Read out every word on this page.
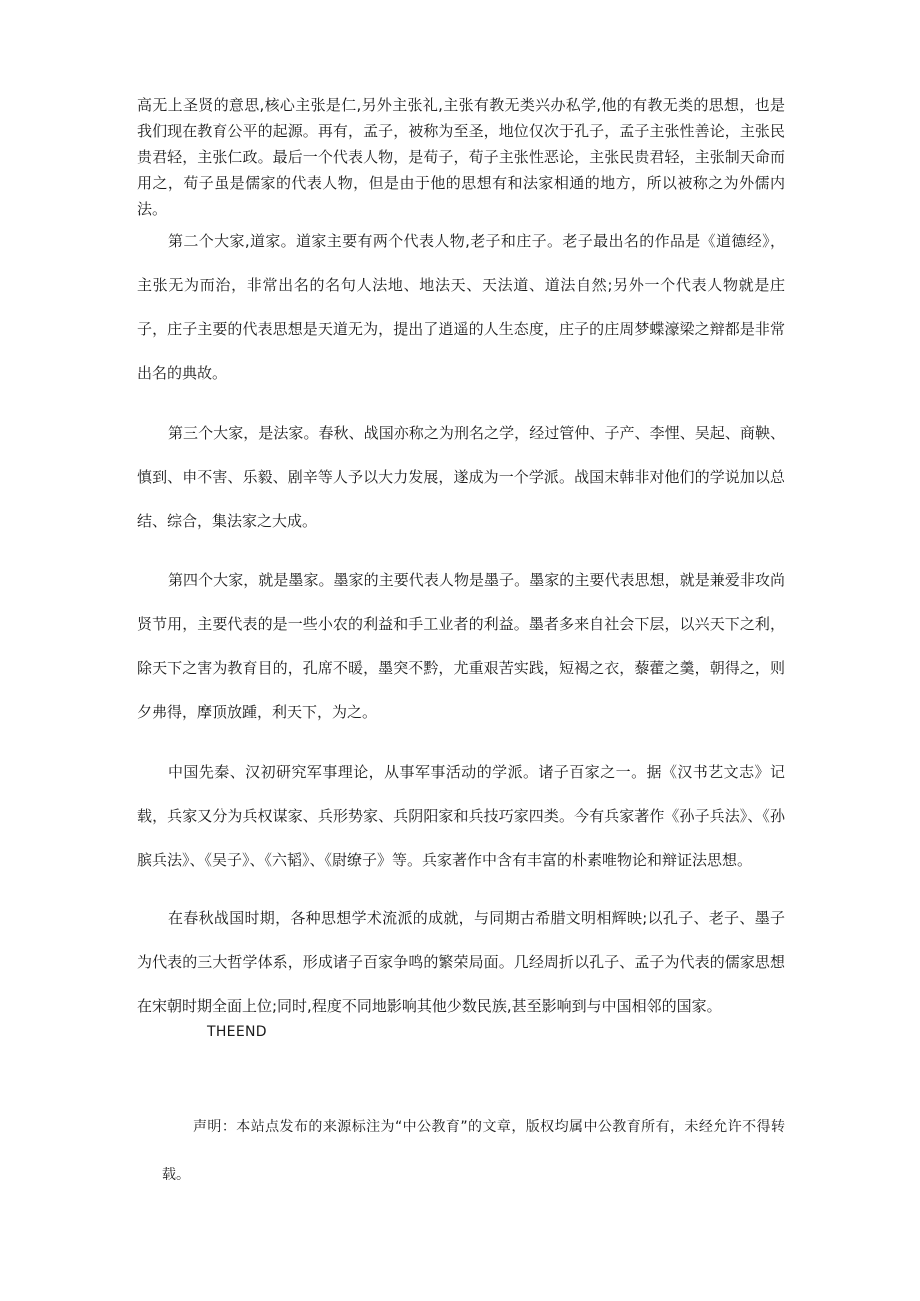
高无上圣贤的意思,核心主张是仁,另外主张礼,主张有教无类兴办私学,他的有教无类的思想，也是我们现在教育公平的起源。再有，孟子，被称为至圣，地位仅次于孔子，孟子主张性善论，主张民贵君轻，主张仁政。最后一个代表人物，是荀子，荀子主张性恶论，主张民贵君轻，主张制天命而用之，荀子虽是儒家的代表人物，但是由于他的思想有和法家相通的地方，所以被称之为外儒内法。

第二个大家,道家。道家主要有两个代表人物,老子和庄子。老子最出名的作品是《道德经》，主张无为而治，非常出名的名句人法地、地法天、天法道、道法自然;另外一个代表人物就是庄子，庄子主要的代表思想是天道无为，提出了逍遥的人生态度，庄子的庄周梦蝶濠梁之辩都是非常出名的典故。

第三个大家，是法家。春秋、战国亦称之为刑名之学，经过管仲、子产、李悝、吴起、商鞅、慎到、申不害、乐毅、剧辛等人予以大力发展，遂成为一个学派。战国末韩非对他们的学说加以总结、综合，集法家之大成。

第四个大家，就是墨家。墨家的主要代表人物是墨子。墨家的主要代表思想，就是兼爱非攻尚贤节用，主要代表的是一些小农的利益和手工业者的利益。墨者多来自社会下层，以兴天下之利，除天下之害为教育目的，孔席不暖，墨突不黔，尤重艰苦实践，短褐之衣，藜藿之羹，朝得之，则夕弗得，摩顶放踵，利天下，为之。

中国先秦、汉初研究军事理论，从事军事活动的学派。诸子百家之一。据《汉书艺文志》记载，兵家又分为兵权谋家、兵形势家、兵阴阳家和兵技巧家四类。今有兵家著作《孙子兵法》、《孙膑兵法》、《吴子》、《六韬》、《尉缭子》等。兵家著作中含有丰富的朴素唯物论和辩证法思想。

在春秋战国时期，各种思想学术流派的成就，与同期古希腊文明相辉映;以孔子、老子、墨子为代表的三大哲学体系，形成诸子百家争鸣的繁荣局面。几经周折以孔子、孟子为代表的儒家思想在宋朝时期全面上位;同时,程度不同地影响其他少数民族,甚至影响到与中国相邻的国家。

THEEND

声明：本站点发布的来源标注为“中公教育”的文章，版权均属中公教育所有，未经允许不得转载。
